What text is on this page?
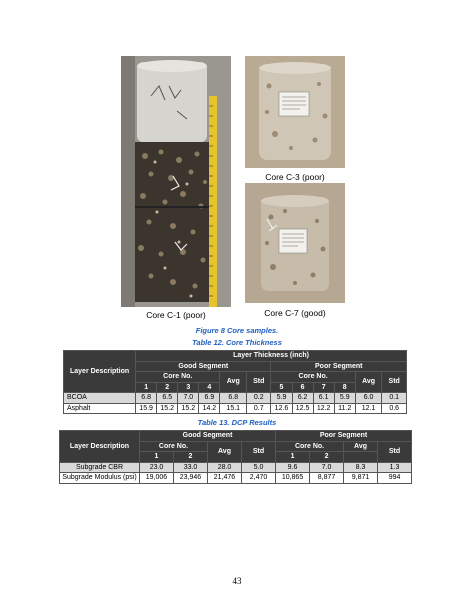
Core C-3 (poor)
Core C-1 (poor)	Core C-7 (good)
Figure 8 Core samples.
Table 12. Core Thickness
Layer Description	Layer Thickness (inch)											
	Good Segment						Poor Segment					
	Core No.				Avg	Std	Core No.				Avg	Std
	1	2	3	4			5	6	7	8		
BCOA	6.8	6.5	7.0	6.9	6.8	0.2	5.9	6.2	6.1	5.9	6.0	0.1
Asphalt	15.9	15.2	15.2	14.2	15.1	0.7	12.6	12.5	12.2	11.2	12.1	0.6
Table 13. DCP Results
Layer Description	Good Segment				Poor Segment			
	Core No.		Avg	Std	Core No.		Avg	Std
	1	2			1	2		
Subgrade CBR	23.0	33.0	28.0	5.0	9.6	7.0	8.3	1.3
Subgrade Modulus (psi)	19,006	23,946	21,476	2,470	10,865	8,877	9,871	994
43
